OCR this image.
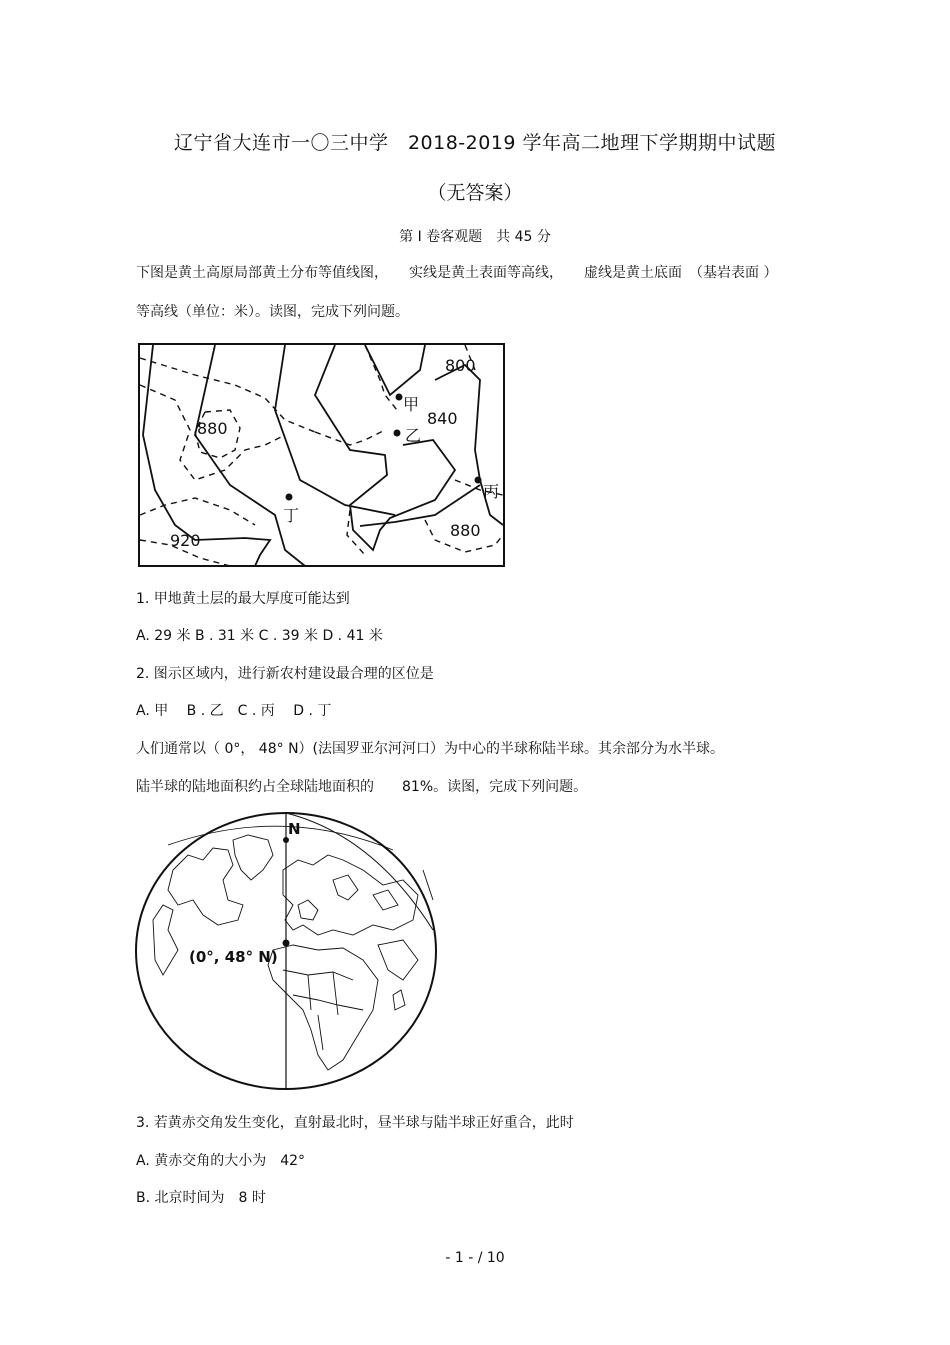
辽宁省大连市一〇三中学　2018-2019 学年高二地理下学期期中试题
（无答案）
第 Ⅰ 卷客观题　共 45 分
下图是黄土高原局部黄土分布等值线图，　　实线是黄土表面等高线，　　虚线是黄土底面　（基岩表面 ）
等高线（单位：米）。读图，完成下列问题。
800
840
880
880
920
甲
乙
丙
丁
1. 甲地黄土层的最大厚度可能达到
A. 29 米 B . 31 米 C . 39 米 D . 41 米
2. 图示区域内，进行新农村建设最合理的区位是
A. 甲　 B . 乙　C . 丙　 D . 丁
人们通常以（ 0°， 48° N）(法国罗亚尔河河口）为中心的半球称陆半球。其余部分为水半球。
陆半球的陆地面积约占全球陆地面积的　　81%。读图，完成下列问题。
N
(0°, 48° N)
3. 若黄赤交角发生变化，直射最北时，昼半球与陆半球正好重合，此时
A. 黄赤交角的大小为　42°
B. 北京时间为　8 时
- 1 - / 10
